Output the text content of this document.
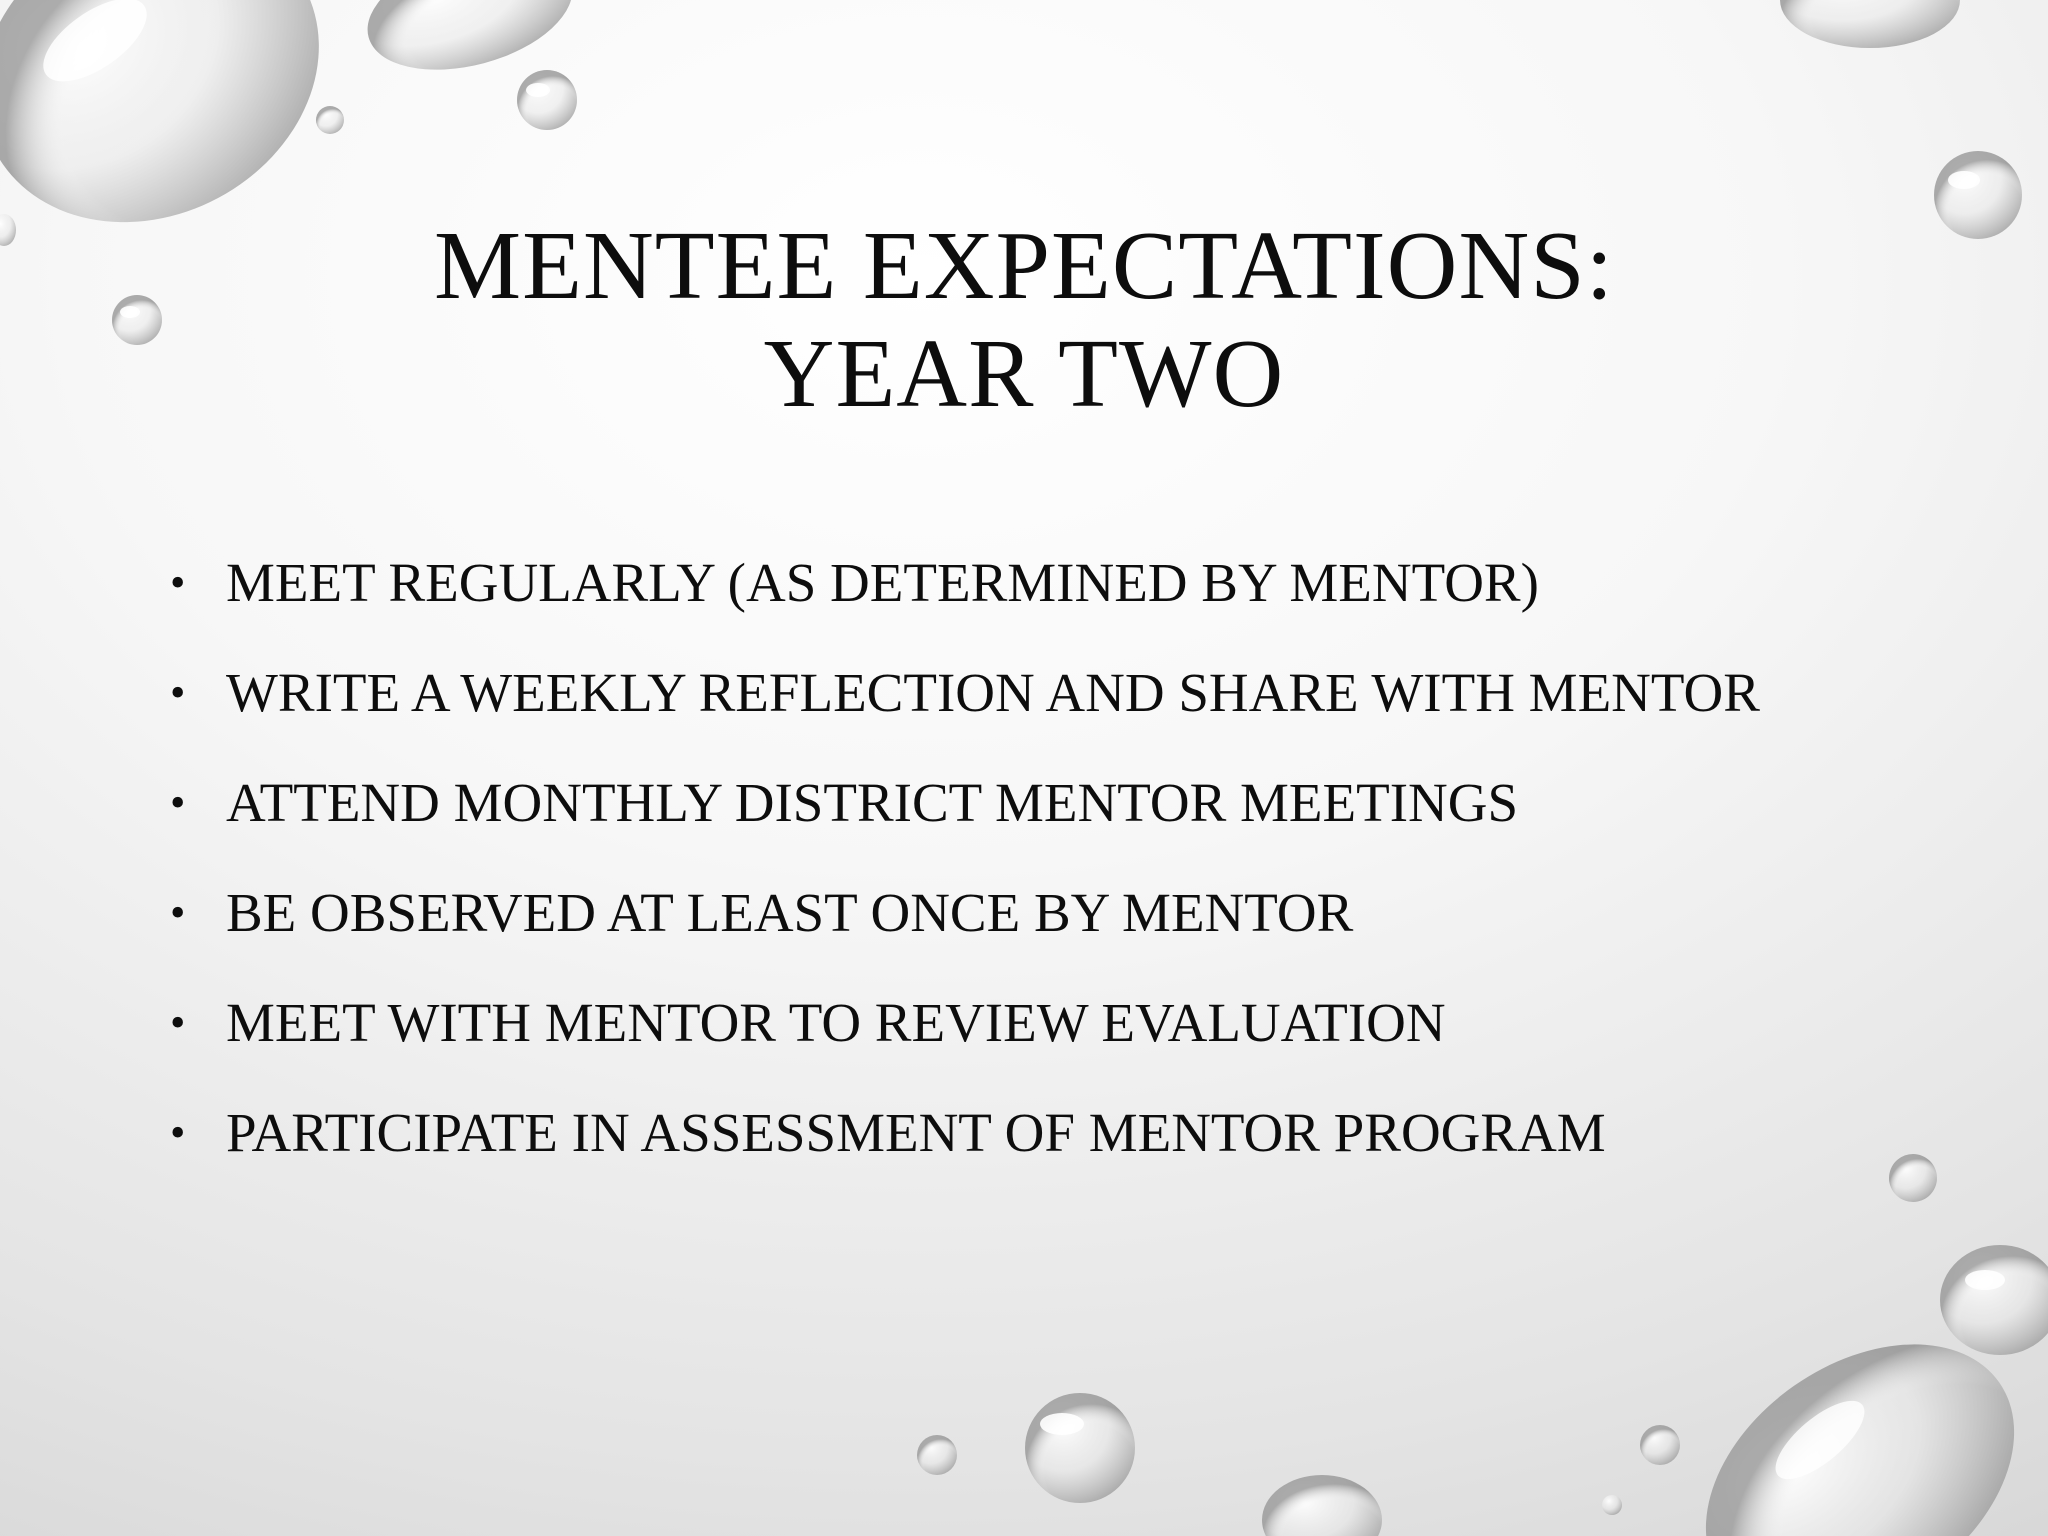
MENTEE EXPECTATIONS:
YEAR TWO
• MEET REGULARLY (AS DETERMINED BY MENTOR)
• WRITE A WEEKLY REFLECTION AND SHARE WITH MENTOR
• ATTEND MONTHLY DISTRICT MENTOR MEETINGS
• BE OBSERVED AT LEAST ONCE BY MENTOR
• MEET WITH MENTOR TO REVIEW EVALUATION
• PARTICIPATE IN ASSESSMENT OF MENTOR PROGRAM
